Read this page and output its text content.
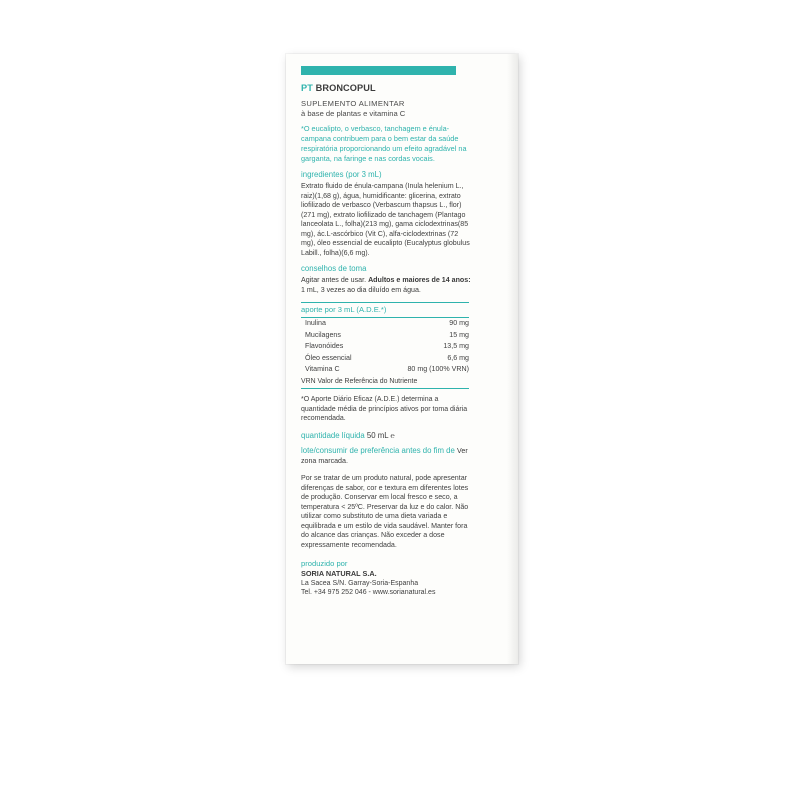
PT BRONCOPUL
SUPLEMENTO ALIMENTAR
à base de plantas e vitamina C
*O eucalipto, o verbasco, tanchagem e énula-campana contribuem para o bem estar da saúde respiratória proporcionando um efeito agradável na garganta, na faringe e nas cordas vocais.
ingredientes (por 3 mL)
Extrato fluido de énula-campana (Inula helenium L., raiz)(1,68 g), água, humidificante: glicerina, extrato liofilizado de verbasco (Verbascum thapsus L., flor)(271 mg), extrato liofilizado de tanchagem (Plantago lanceolata L., folha)(213 mg), gama ciclodextrinas(85 mg), ác.L-ascórbico (Vit C), alfa-ciclodextrinas (72 mg), óleo essencial de eucalipto (Eucalyptus globulus Labill., folha)(6,6 mg).
conselhos de toma
Agitar antes de usar. Adultos e maiores de 14 anos: 1 mL, 3 vezes ao dia diluído em água.
aporte por 3 mL (A.D.E.*)
Inulina	90 mg
Mucilagens	15 mg
Flavonóides	13,5 mg
Óleo essencial	6,6 mg
Vitamina C	80 mg (100% VRN)
VRN Valor de Referência do Nutriente
*O Aporte Diário Eficaz (A.D.E.) determina a quantidade média de princípios ativos por toma diária recomendada.
quantidade líquida 50 mL ℮
lote/consumir de preferência antes do fim de Ver zona marcada.
Por se tratar de um produto natural, pode apresentar diferenças de sabor, cor e textura em diferentes lotes de produção. Conservar em local fresco e seco, a temperatura < 25ºC. Preservar da luz e do calor. Não utilizar como substituto de uma dieta variada e equilibrada e um estilo de vida saudável. Manter fora do alcance das crianças. Não exceder a dose expressamente recomendada.
produzido por
SORIA NATURAL S.A.
La Sacea S/N. Garray-Soria-Espanha
Tel. +34 975 252 046 - www.sorianatural.es
